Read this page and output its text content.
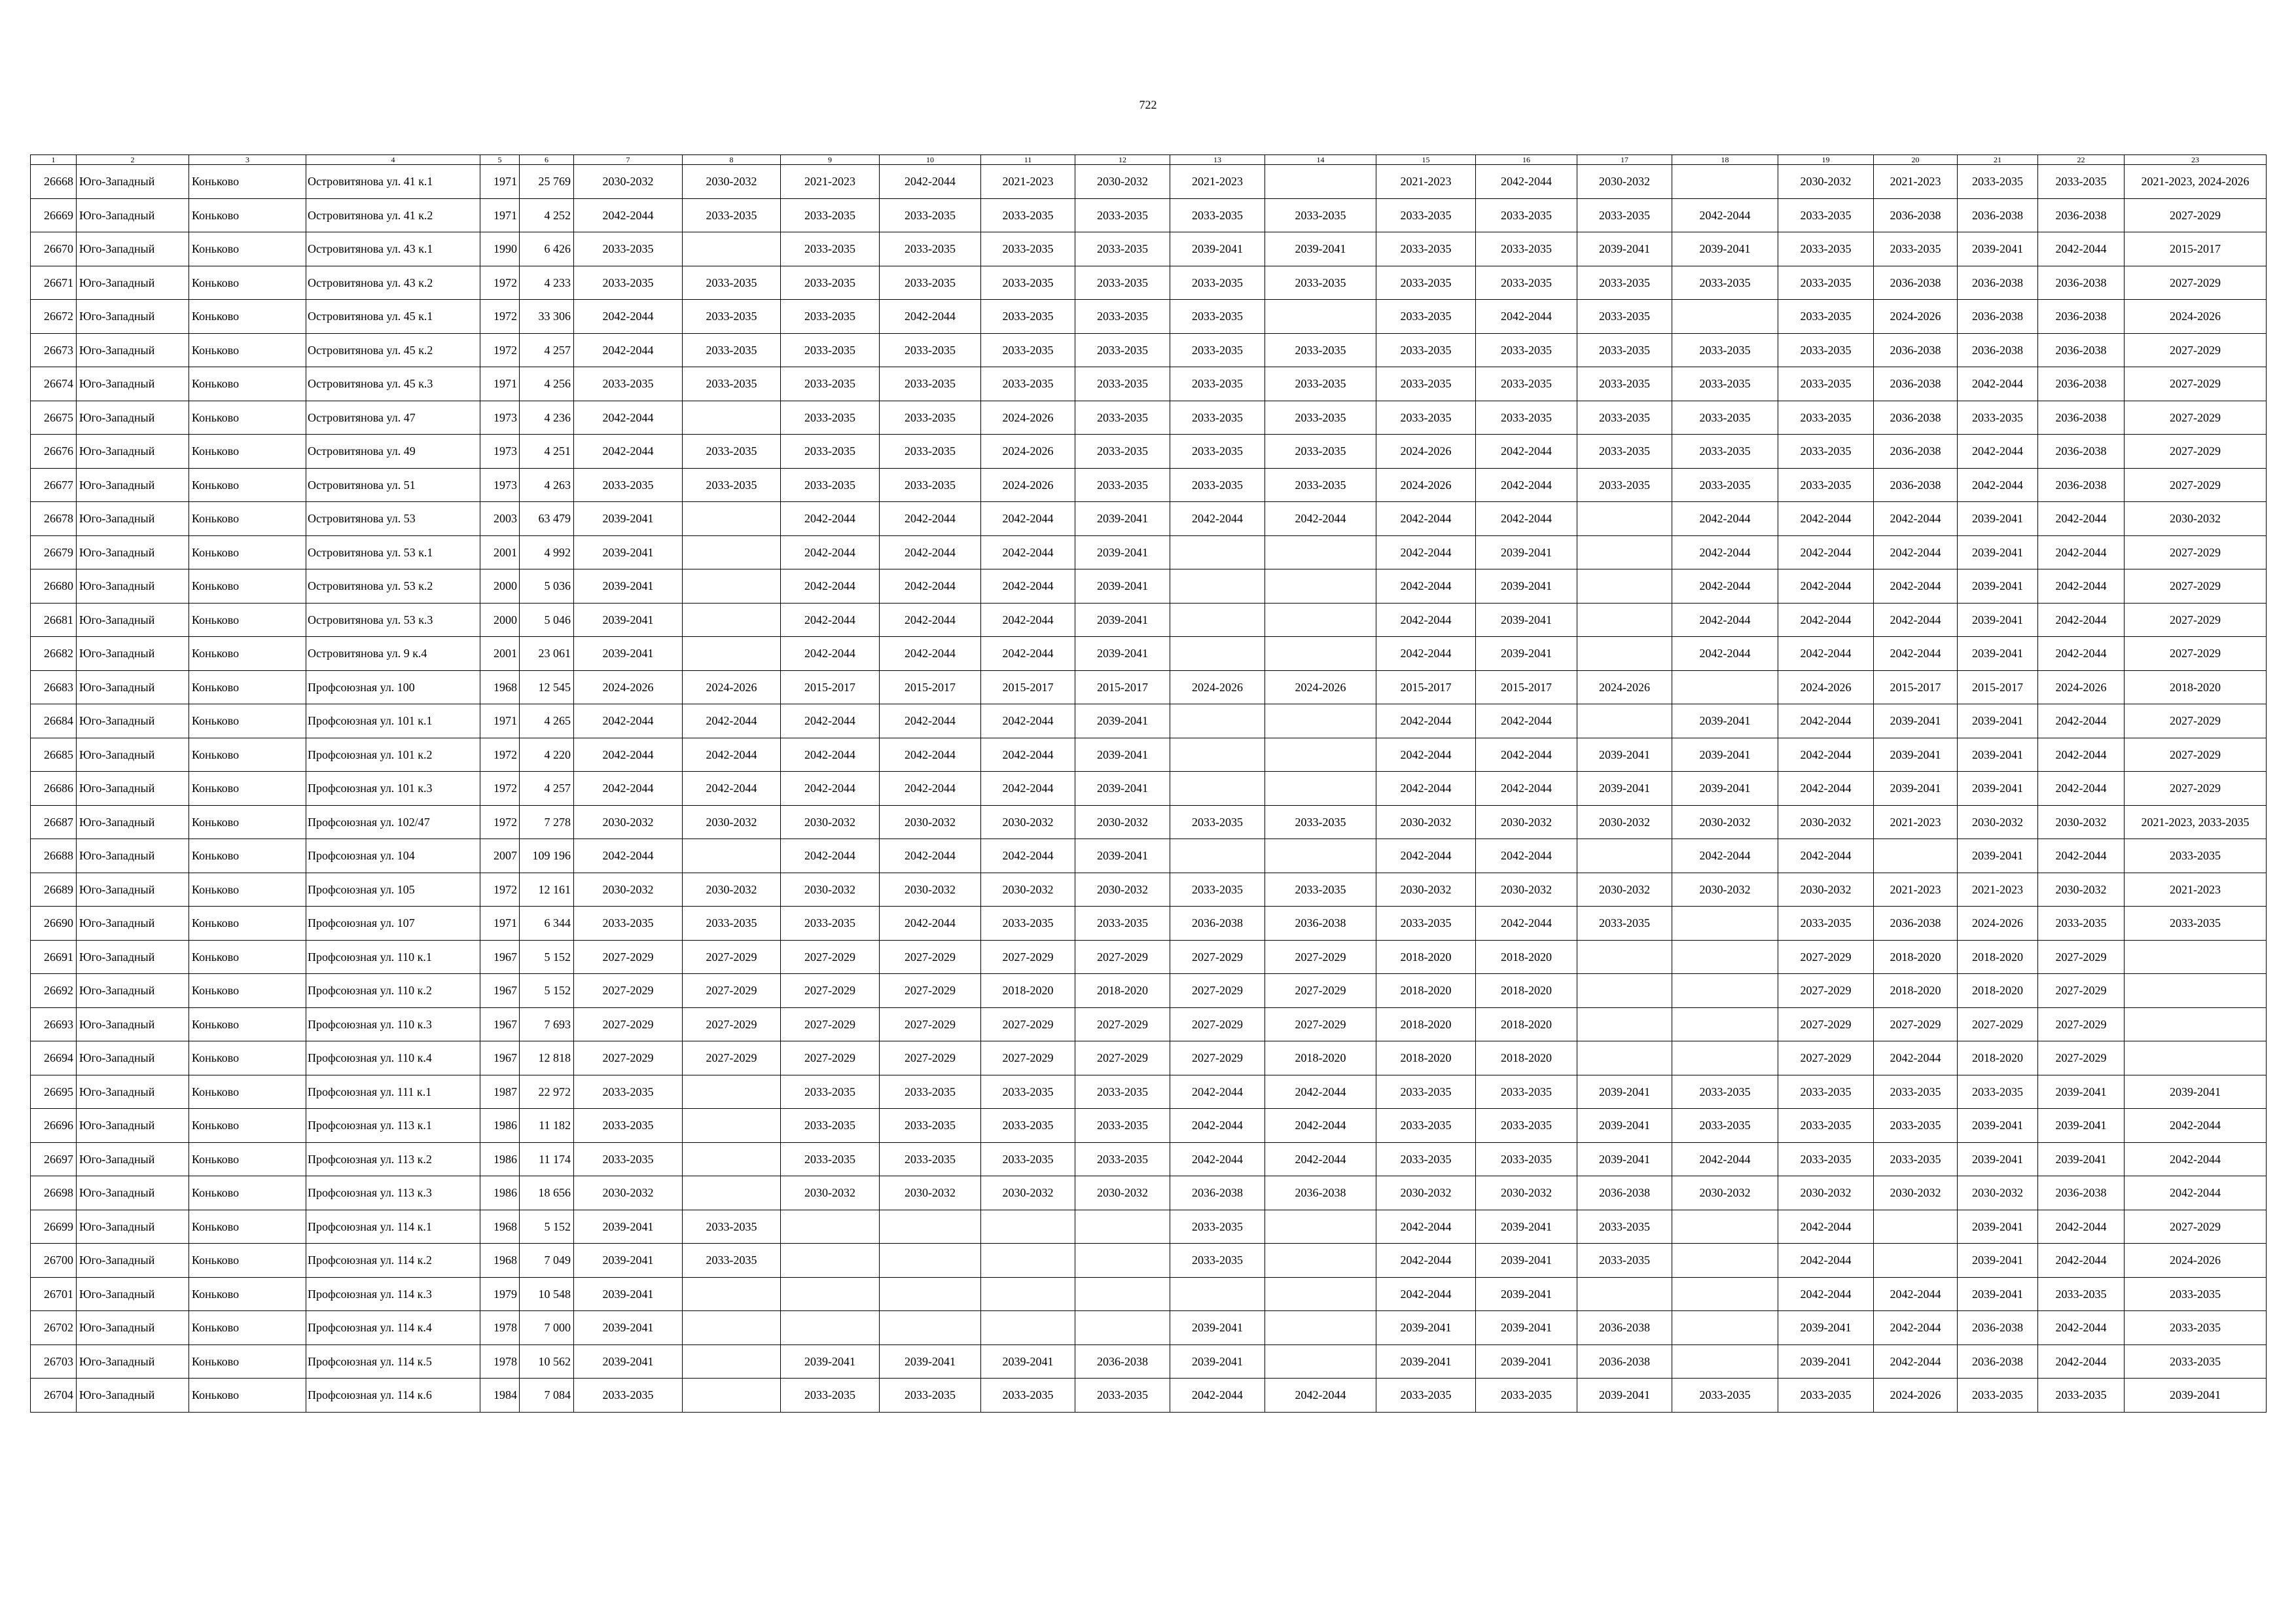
722
1	2	3	4	5	6	7	8	9	10	11	12	13	14	15	16	17	18	19	20	21	22	23
26668	Юго-Западный	Коньково	Островитянова ул. 41 к.1	1971	25 769	2030-2032	2030-2032	2021-2023	2042-2044	2021-2023	2030-2032	2021-2023		2021-2023	2042-2044	2030-2032		2030-2032	2021-2023	2033-2035	2033-2035	2021-2023, 2024-2026
26669	Юго-Западный	Коньково	Островитянова ул. 41 к.2	1971	4 252	2042-2044	2033-2035	2033-2035	2033-2035	2033-2035	2033-2035	2033-2035	2033-2035	2033-2035	2033-2035	2033-2035	2042-2044	2033-2035	2036-2038	2036-2038	2036-2038	2027-2029
26670	Юго-Западный	Коньково	Островитянова ул. 43 к.1	1990	6 426	2033-2035		2033-2035	2033-2035	2033-2035	2033-2035	2039-2041	2039-2041	2033-2035	2033-2035	2039-2041	2039-2041	2033-2035	2033-2035	2039-2041	2042-2044	2015-2017
26671	Юго-Западный	Коньково	Островитянова ул. 43 к.2	1972	4 233	2033-2035	2033-2035	2033-2035	2033-2035	2033-2035	2033-2035	2033-2035	2033-2035	2033-2035	2033-2035	2033-2035	2033-2035	2033-2035	2036-2038	2036-2038	2036-2038	2027-2029
26672	Юго-Западный	Коньково	Островитянова ул. 45 к.1	1972	33 306	2042-2044	2033-2035	2033-2035	2042-2044	2033-2035	2033-2035	2033-2035		2033-2035	2042-2044	2033-2035		2033-2035	2024-2026	2036-2038	2036-2038	2024-2026
26673	Юго-Западный	Коньково	Островитянова ул. 45 к.2	1972	4 257	2042-2044	2033-2035	2033-2035	2033-2035	2033-2035	2033-2035	2033-2035	2033-2035	2033-2035	2033-2035	2033-2035	2033-2035	2033-2035	2036-2038	2036-2038	2036-2038	2027-2029
26674	Юго-Западный	Коньково	Островитянова ул. 45 к.3	1971	4 256	2033-2035	2033-2035	2033-2035	2033-2035	2033-2035	2033-2035	2033-2035	2033-2035	2033-2035	2033-2035	2033-2035	2033-2035	2033-2035	2036-2038	2042-2044	2036-2038	2027-2029
26675	Юго-Западный	Коньково	Островитянова ул. 47	1973	4 236	2042-2044		2033-2035	2033-2035	2024-2026	2033-2035	2033-2035	2033-2035	2033-2035	2033-2035	2033-2035	2033-2035	2033-2035	2036-2038	2033-2035	2036-2038	2027-2029
26676	Юго-Западный	Коньково	Островитянова ул. 49	1973	4 251	2042-2044	2033-2035	2033-2035	2033-2035	2024-2026	2033-2035	2033-2035	2033-2035	2024-2026	2042-2044	2033-2035	2033-2035	2033-2035	2036-2038	2042-2044	2036-2038	2027-2029
26677	Юго-Западный	Коньково	Островитянова ул. 51	1973	4 263	2033-2035	2033-2035	2033-2035	2033-2035	2024-2026	2033-2035	2033-2035	2033-2035	2024-2026	2042-2044	2033-2035	2033-2035	2033-2035	2036-2038	2042-2044	2036-2038	2027-2029
26678	Юго-Западный	Коньково	Островитянова ул. 53	2003	63 479	2039-2041		2042-2044	2042-2044	2042-2044	2039-2041	2042-2044	2042-2044	2042-2044	2042-2044		2042-2044	2042-2044	2042-2044	2039-2041	2042-2044	2030-2032
26679	Юго-Западный	Коньково	Островитянова ул. 53 к.1	2001	4 992	2039-2041		2042-2044	2042-2044	2042-2044	2039-2041			2042-2044	2039-2041		2042-2044	2042-2044	2042-2044	2039-2041	2042-2044	2027-2029
26680	Юго-Западный	Коньково	Островитянова ул. 53 к.2	2000	5 036	2039-2041		2042-2044	2042-2044	2042-2044	2039-2041			2042-2044	2039-2041		2042-2044	2042-2044	2042-2044	2039-2041	2042-2044	2027-2029
26681	Юго-Западный	Коньково	Островитянова ул. 53 к.3	2000	5 046	2039-2041		2042-2044	2042-2044	2042-2044	2039-2041			2042-2044	2039-2041		2042-2044	2042-2044	2042-2044	2039-2041	2042-2044	2027-2029
26682	Юго-Западный	Коньково	Островитянова ул. 9 к.4	2001	23 061	2039-2041		2042-2044	2042-2044	2042-2044	2039-2041			2042-2044	2039-2041		2042-2044	2042-2044	2042-2044	2039-2041	2042-2044	2027-2029
26683	Юго-Западный	Коньково	Профсоюзная ул. 100	1968	12 545	2024-2026	2024-2026	2015-2017	2015-2017	2015-2017	2015-2017	2024-2026	2024-2026	2015-2017	2015-2017	2024-2026		2024-2026	2015-2017	2015-2017	2024-2026	2018-2020
26684	Юго-Западный	Коньково	Профсоюзная ул. 101 к.1	1971	4 265	2042-2044	2042-2044	2042-2044	2042-2044	2042-2044	2039-2041			2042-2044	2042-2044		2039-2041	2042-2044	2039-2041	2039-2041	2042-2044	2027-2029
26685	Юго-Западный	Коньково	Профсоюзная ул. 101 к.2	1972	4 220	2042-2044	2042-2044	2042-2044	2042-2044	2042-2044	2039-2041			2042-2044	2042-2044	2039-2041	2039-2041	2042-2044	2039-2041	2039-2041	2042-2044	2027-2029
26686	Юго-Западный	Коньково	Профсоюзная ул. 101 к.3	1972	4 257	2042-2044	2042-2044	2042-2044	2042-2044	2042-2044	2039-2041			2042-2044	2042-2044	2039-2041	2039-2041	2042-2044	2039-2041	2039-2041	2042-2044	2027-2029
26687	Юго-Западный	Коньково	Профсоюзная ул. 102/47	1972	7 278	2030-2032	2030-2032	2030-2032	2030-2032	2030-2032	2030-2032	2033-2035	2033-2035	2030-2032	2030-2032	2030-2032	2030-2032	2030-2032	2021-2023	2030-2032	2030-2032	2021-2023, 2033-2035
26688	Юго-Западный	Коньково	Профсоюзная ул. 104	2007	109 196	2042-2044		2042-2044	2042-2044	2042-2044	2039-2041			2042-2044	2042-2044		2042-2044	2042-2044		2039-2041	2042-2044	2033-2035
26689	Юго-Западный	Коньково	Профсоюзная ул. 105	1972	12 161	2030-2032	2030-2032	2030-2032	2030-2032	2030-2032	2030-2032	2033-2035	2033-2035	2030-2032	2030-2032	2030-2032	2030-2032	2030-2032	2021-2023	2021-2023	2030-2032	2021-2023
26690	Юго-Западный	Коньково	Профсоюзная ул. 107	1971	6 344	2033-2035	2033-2035	2033-2035	2042-2044	2033-2035	2033-2035	2036-2038	2036-2038	2033-2035	2042-2044	2033-2035		2033-2035	2036-2038	2024-2026	2033-2035	2033-2035
26691	Юго-Западный	Коньково	Профсоюзная ул. 110 к.1	1967	5 152	2027-2029	2027-2029	2027-2029	2027-2029	2027-2029	2027-2029	2027-2029	2027-2029	2018-2020	2018-2020			2027-2029	2018-2020	2018-2020	2027-2029	
26692	Юго-Западный	Коньково	Профсоюзная ул. 110 к.2	1967	5 152	2027-2029	2027-2029	2027-2029	2027-2029	2018-2020	2018-2020	2027-2029	2027-2029	2018-2020	2018-2020			2027-2029	2018-2020	2018-2020	2027-2029	
26693	Юго-Западный	Коньково	Профсоюзная ул. 110 к.3	1967	7 693	2027-2029	2027-2029	2027-2029	2027-2029	2027-2029	2027-2029	2027-2029	2027-2029	2018-2020	2018-2020			2027-2029	2027-2029	2027-2029	2027-2029	
26694	Юго-Западный	Коньково	Профсоюзная ул. 110 к.4	1967	12 818	2027-2029	2027-2029	2027-2029	2027-2029	2027-2029	2027-2029	2027-2029	2018-2020	2018-2020	2018-2020			2027-2029	2042-2044	2018-2020	2027-2029	
26695	Юго-Западный	Коньково	Профсоюзная ул. 111 к.1	1987	22 972	2033-2035		2033-2035	2033-2035	2033-2035	2033-2035	2042-2044	2042-2044	2033-2035	2033-2035	2039-2041	2033-2035	2033-2035	2033-2035	2033-2035	2039-2041	2039-2041
26696	Юго-Западный	Коньково	Профсоюзная ул. 113 к.1	1986	11 182	2033-2035		2033-2035	2033-2035	2033-2035	2033-2035	2042-2044	2042-2044	2033-2035	2033-2035	2039-2041	2033-2035	2033-2035	2033-2035	2039-2041	2039-2041	2042-2044
26697	Юго-Западный	Коньково	Профсоюзная ул. 113 к.2	1986	11 174	2033-2035		2033-2035	2033-2035	2033-2035	2033-2035	2042-2044	2042-2044	2033-2035	2033-2035	2039-2041	2042-2044	2033-2035	2033-2035	2039-2041	2039-2041	2042-2044
26698	Юго-Западный	Коньково	Профсоюзная ул. 113 к.3	1986	18 656	2030-2032		2030-2032	2030-2032	2030-2032	2030-2032	2036-2038	2036-2038	2030-2032	2030-2032	2036-2038	2030-2032	2030-2032	2030-2032	2030-2032	2036-2038	2042-2044
26699	Юго-Западный	Коньково	Профсоюзная ул. 114 к.1	1968	5 152	2039-2041	2033-2035					2033-2035		2042-2044	2039-2041	2033-2035		2042-2044		2039-2041	2042-2044	2027-2029
26700	Юго-Западный	Коньково	Профсоюзная ул. 114 к.2	1968	7 049	2039-2041	2033-2035					2033-2035		2042-2044	2039-2041	2033-2035		2042-2044		2039-2041	2042-2044	2024-2026
26701	Юго-Западный	Коньково	Профсоюзная ул. 114 к.3	1979	10 548	2039-2041								2042-2044	2039-2041			2042-2044	2042-2044	2039-2041	2033-2035	2033-2035
26702	Юго-Западный	Коньково	Профсоюзная ул. 114 к.4	1978	7 000	2039-2041						2039-2041		2039-2041	2039-2041	2036-2038		2039-2041	2042-2044	2036-2038	2042-2044	2033-2035
26703	Юго-Западный	Коньково	Профсоюзная ул. 114 к.5	1978	10 562	2039-2041		2039-2041	2039-2041	2039-2041	2036-2038	2039-2041		2039-2041	2039-2041	2036-2038		2039-2041	2042-2044	2036-2038	2042-2044	2033-2035
26704	Юго-Западный	Коньково	Профсоюзная ул. 114 к.6	1984	7 084	2033-2035		2033-2035	2033-2035	2033-2035	2033-2035	2042-2044	2042-2044	2033-2035	2033-2035	2039-2041	2033-2035	2033-2035	2024-2026	2033-2035	2033-2035	2039-2041
